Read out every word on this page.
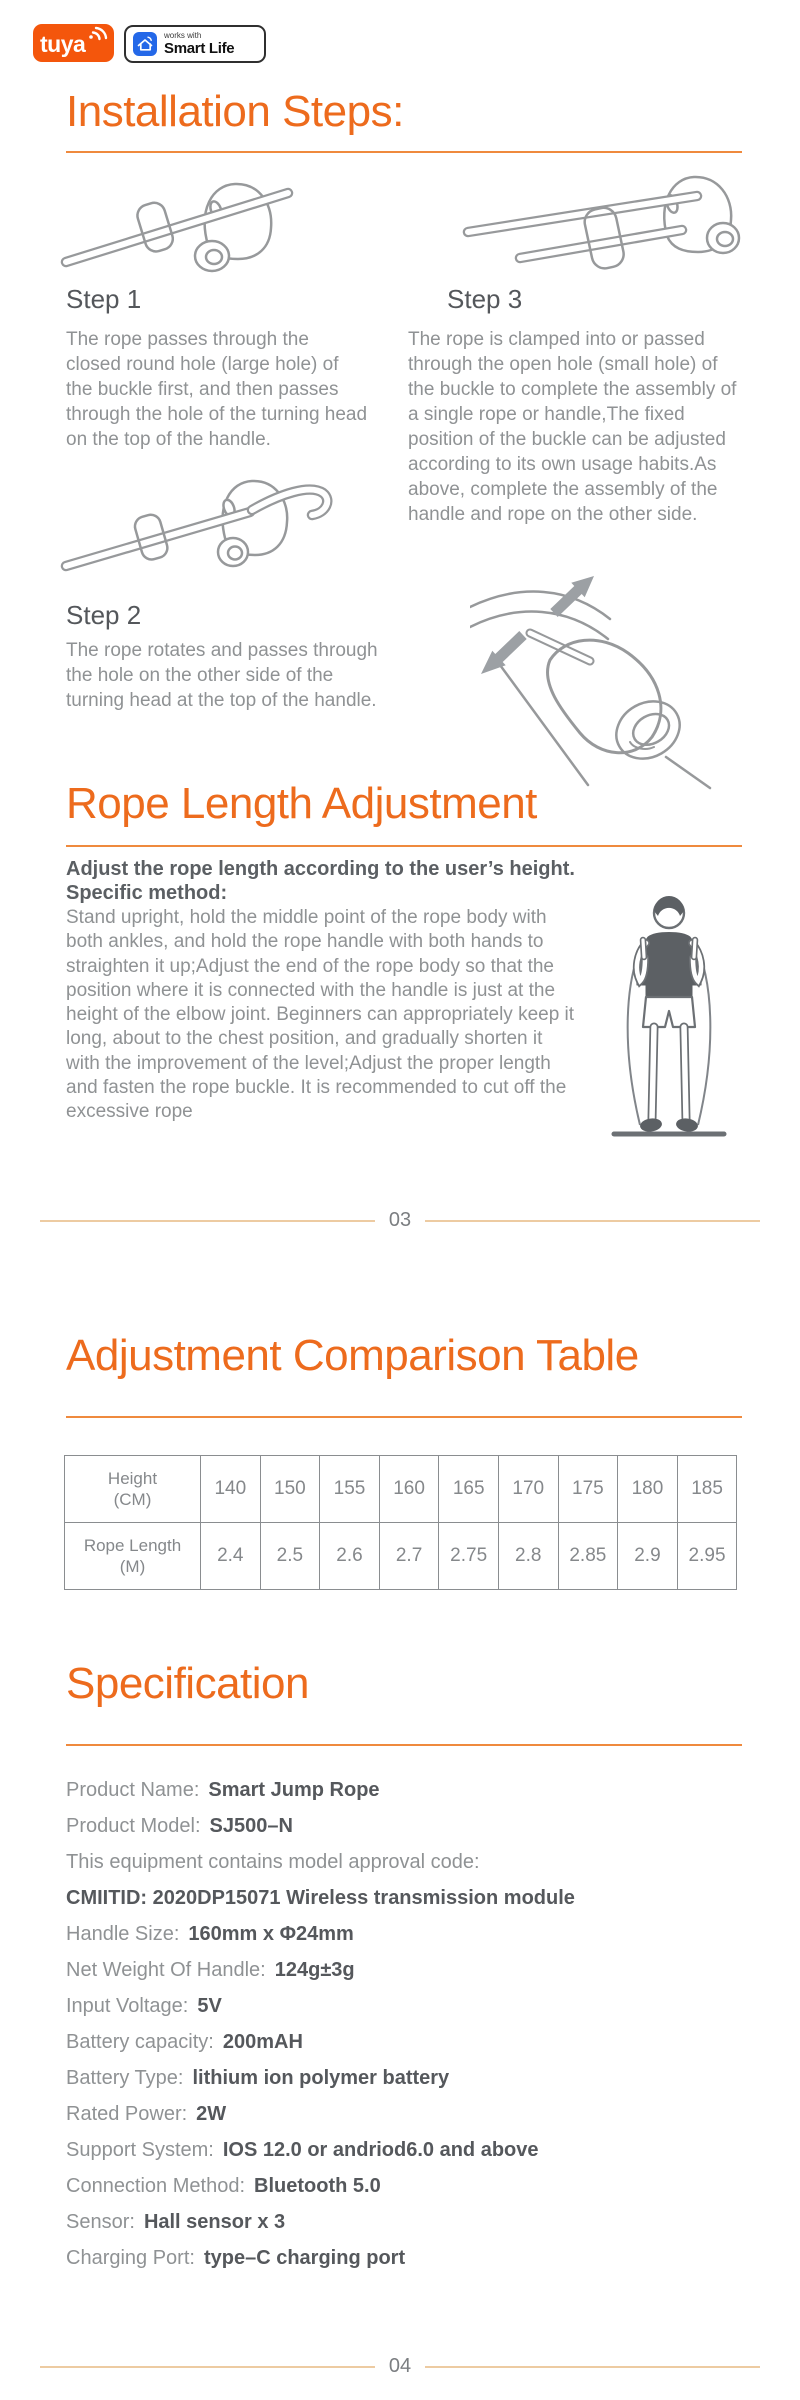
tuya	works with
Smart Life
Installation Steps:
Step 1
The rope passes through the closed round hole (large hole) of the buckle first, and then passes through the hole of the turning head on the top of the handle.
Step 3
The rope is clamped into or passed through the open hole (small hole) of the buckle to complete the assembly of a single rope or handle,The fixed position of the buckle can be adjusted according to its own usage habits.As above, complete the assembly of the handle and rope on the other side.
Step 2
The rope rotates and passes through the hole on the other side of the turning head at the top of the handle.
Rope Length Adjustment
Adjust the rope length according to the user’s height.
Specific method:
Stand upright, hold the middle point of the rope body with both ankles, and hold the rope handle with both hands to straighten it up;Adjust the end of the rope body so that the position where it is connected with the handle is just at the height of the elbow joint. Beginners can appropriately keep it long, about to the chest position, and gradually shorten it with the improvement of the level;Adjust the proper length and fasten the rope buckle. It is recommended to cut off the excessive rope
03
Adjustment Comparison Table
Height
(CM)	140	150	155	160	165	170	175	180	185

Rope Length
(M)	2.4	2.5	2.6	2.7	2.75	2.8	2.85	2.9	2.95
Specification
Product Name: Smart Jump Rope
Product Model: SJ500–N
This equipment contains model approval code:
CMIITID: 2020DP15071 Wireless transmission module
Handle Size: 160mm x Φ24mm
Net Weight Of Handle: 124g±3g
Input Voltage: 5V
Battery capacity: 200mAH
Battery Type: lithium ion polymer battery
Rated Power: 2W
Support System: IOS 12.0 or andriod6.0 and above
Connection Method: Bluetooth 5.0
Sensor: Hall sensor x 3
Charging Port: type–C charging port
04
